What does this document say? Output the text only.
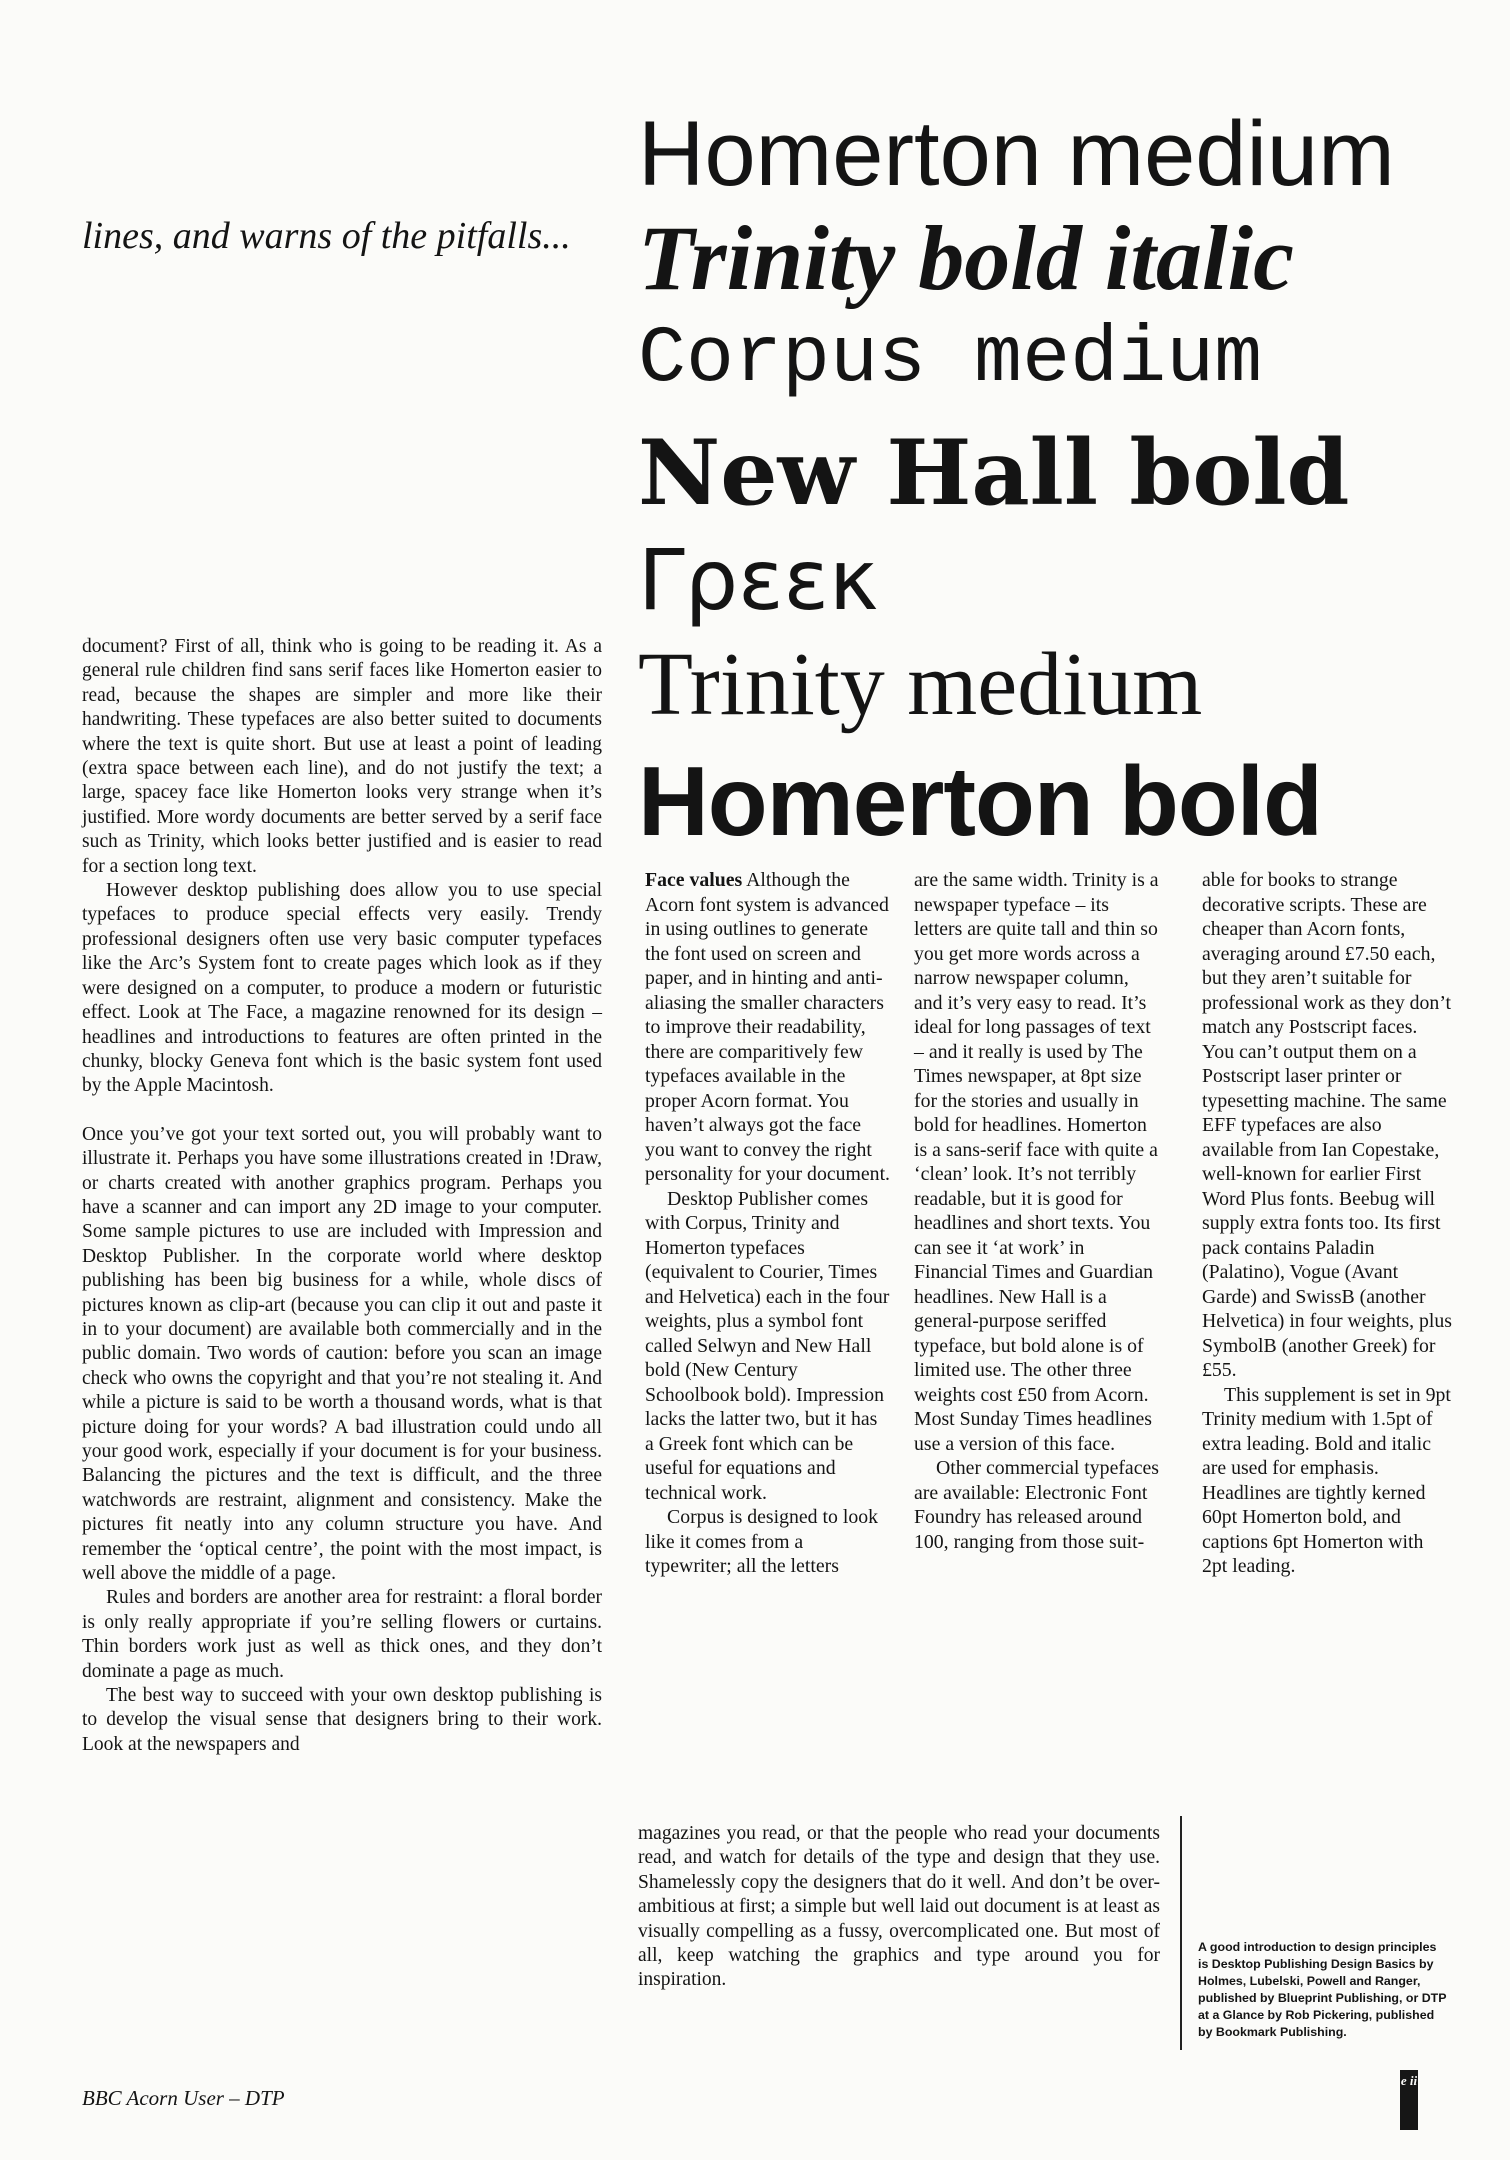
lines, and warns of the pitfalls...
Homerton medium
Trinity bold italic
Corpus medium
New Hall bold
Γρεεκ
Trinity medium
Homerton bold

document? First of all, think who is going to be reading it. As a general rule children find sans serif faces like Homerton easier to read, because the shapes are simpler and more like their handwriting. These typefaces are also better suited to documents where the text is quite short. But use at least a point of leading (extra space between each line), and do not justify the text; a large, spacey face like Homerton looks very strange when it’s justified. More wordy documents are better served by a serif face such as Trinity, which looks better justified and is easier to read for a section long text.

However desktop publishing does allow you to use special typefaces to produce special effects very easily. Trendy professional designers often use very basic computer typefaces like the Arc’s System font to create pages which look as if they were designed on a computer, to produce a modern or futuristic effect. Look at The Face, a magazine renowned for its design – headlines and introductions to features are often printed in the chunky, blocky Geneva font which is the basic system font used by the Apple Macintosh.

Once you’ve got your text sorted out, you will probably want to illustrate it. Perhaps you have some illustrations created in !Draw, or charts created with another graphics program. Perhaps you have a scanner and can import any 2D image to your computer. Some sample pictures to use are included with Impression and Desktop Publisher. In the corporate world where desktop publishing has been big business for a while, whole discs of pictures known as clip-art (because you can clip it out and paste it in to your document) are available both commercially and in the public domain. Two words of caution: before you scan an image check who owns the copyright and that you’re not stealing it. And while a picture is said to be worth a thousand words, what is that picture doing for your words? A bad illustration could undo all your good work, especially if your document is for your business. Balancing the pictures and the text is difficult, and the three watchwords are restraint, alignment and consistency. Make the pictures fit neatly into any column structure you have. And remember the ‘optical centre’, the point with the most impact, is well above the middle of a page.

Rules and borders are another area for restraint: a floral border is only really appropriate if you’re selling flowers or curtains. Thin borders work just as well as thick ones, and they don’t dominate a page as much.

The best way to succeed with your own desktop publishing is to develop the visual sense that designers bring to their work. Look at the newspapers and

Face values Although the Acorn font system is advanced in using outlines to generate the font used on screen and paper, and in hinting and anti-aliasing the smaller characters to improve their readability, there are comparitively few typefaces available in the proper Acorn format. You haven’t always got the face you want to convey the right personality for your document.

Desktop Publisher comes with Corpus, Trinity and Homerton typefaces (equivalent to Courier, Times and Helvetica) each in the four weights, plus a symbol font called Selwyn and New Hall bold (New Century Schoolbook bold). Impression lacks the latter two, but it has a Greek font which can be useful for equations and technical work.

Corpus is designed to look like it comes from a typewriter; all the letters

are the same width. Trinity is a newspaper typeface – its letters are quite tall and thin so you get more words across a narrow newspaper column, and it’s very easy to read. It’s ideal for long passages of text – and it really is used by The Times newspaper, at 8pt size for the stories and usually in bold for headlines. Homerton is a sans-serif face with quite a ‘clean’ look. It’s not terribly readable, but it is good for headlines and short texts. You can see it ‘at work’ in Financial Times and Guardian headlines. New Hall is a general-purpose seriffed typeface, but bold alone is of limited use. The other three weights cost £50 from Acorn. Most Sunday Times headlines use a version of this face.

Other commercial typefaces are available: Electronic Font Foundry has released around 100, ranging from those suit-

able for books to strange decorative scripts. These are cheaper than Acorn fonts, averaging around £7.50 each, but they aren’t suitable for professional work as they don’t match any Postscript faces. You can’t output them on a Postscript laser printer or typesetting machine. The same EFF typefaces are also available from Ian Copestake, well-known for earlier First Word Plus fonts. Beebug will supply extra fonts too. Its first pack contains Paladin (Palatino), Vogue (Avant Garde) and SwissB (another Helvetica) in four weights, plus SymbolB (another Greek) for £55.

This supplement is set in 9pt Trinity medium with 1.5pt of extra leading. Bold and italic are used for emphasis. Headlines are tightly kerned 60pt Homerton bold, and captions 6pt Homerton with 2pt leading.

magazines you read, or that the people who read your documents read, and watch for details of the type and design that they use. Shamelessly copy the designers that do it well. And don’t be over-ambitious at first; a simple but well laid out document is at least as visually compelling as a fussy, overcomplicated one. But most of all, keep watching the graphics and type around you for inspiration.

A good introduction to design principles is Desktop Publishing Design Basics by Holmes, Lubelski, Powell and Ranger, published by Blueprint Publishing, or DTP at a Glance by Rob Pickering, published by Bookmark Publishing.
BBC Acorn User – DTP
e ii
